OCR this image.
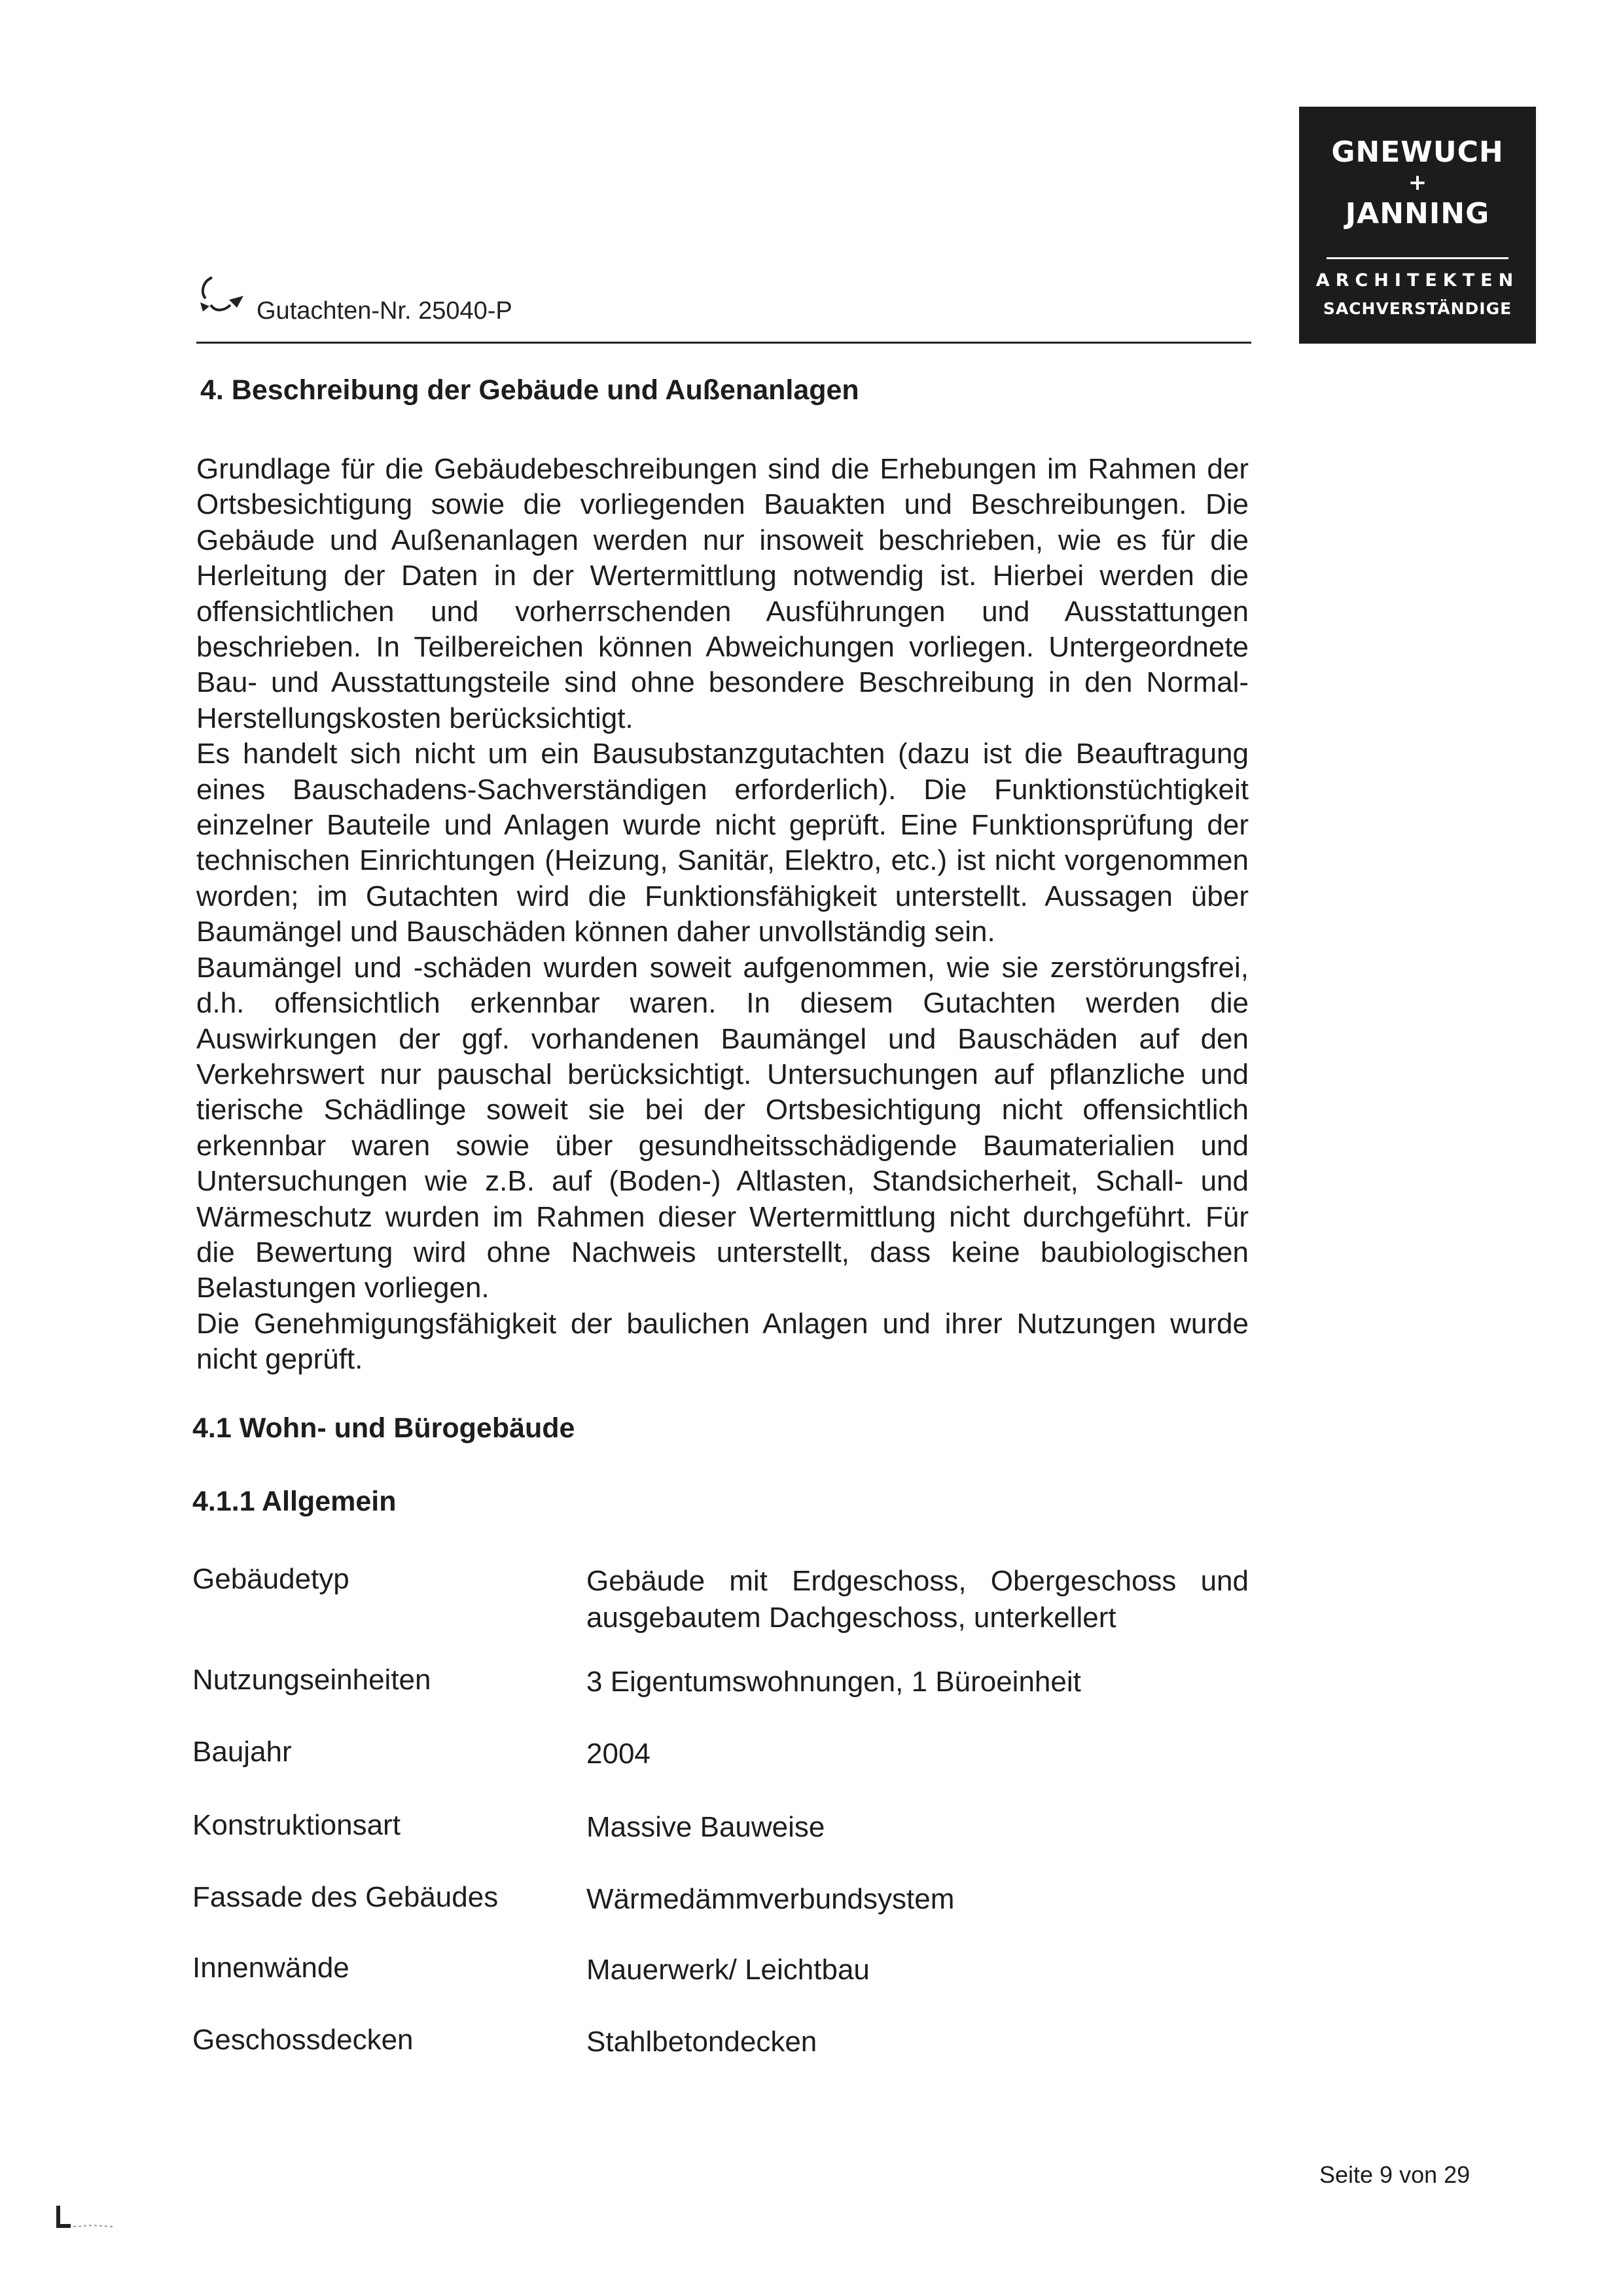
GNEWUCH
+
JANNING
ARCHITEKTEN
SACHVERSTÄNDIGE
Gutachten-Nr. 25040-P
4. Beschreibung der Gebäude und Außenanlagen

Grundlage für die Gebäudebeschreibungen sind die Erhebungen im Rahmen der Ortsbesichtigung sowie die vorliegenden Bauakten und Beschreibungen. Die Gebäude und Außenanlagen werden nur insoweit beschrieben, wie es für die Herleitung der Daten in der Wertermittlung notwendig ist. Hierbei werden die offensichtlichen und vorherrschenden Ausführungen und Ausstattungen beschrieben. In Teilbereichen können Abweichungen vorliegen. Untergeordnete Bau- und Ausstattungsteile sind ohne besondere Beschreibung in den Normal-Herstellungskosten berücksichtigt.

Es handelt sich nicht um ein Bausubstanzgutachten (dazu ist die Beauftragung eines Bauschadens-Sachverständigen erforderlich). Die Funktionstüchtigkeit einzelner Bauteile und Anlagen wurde nicht geprüft. Eine Funktionsprüfung der technischen Einrichtungen (Heizung, Sanitär, Elektro, etc.) ist nicht vorgenommen worden; im Gutachten wird die Funktionsfähigkeit unterstellt. Aussagen über Baumängel und Bauschäden können daher unvollständig sein.

Baumängel und -schäden wurden soweit aufgenommen, wie sie zerstörungsfrei, d.h. offensichtlich erkennbar waren. In diesem Gutachten werden die Auswirkungen der ggf. vorhandenen Baumängel und Bauschäden auf den Verkehrswert nur pauschal berücksichtigt. Untersuchungen auf pflanzliche und tierische Schädlinge soweit sie bei der Ortsbesichtigung nicht offensichtlich erkennbar waren sowie über gesundheitsschädigende Baumaterialien und Untersuchungen wie z.B. auf (Boden-) Altlasten, Standsicherheit, Schall- und Wärmeschutz wurden im Rahmen dieser Wertermittlung nicht durchgeführt. Für die Bewertung wird ohne Nachweis unterstellt, dass keine baubiologischen Belastungen vorliegen.

Die Genehmigungsfähigkeit der baulichen Anlagen und ihrer Nutzungen wurde nicht geprüft.

4.1 Wohn- und Bürogebäude
4.1.1 Allgemein
Gebäudetyp	Gebäude mit Erdgeschoss, Obergeschoss und ausgebautem Dachgeschoss, unterkellert
Nutzungseinheiten	3 Eigentumswohnungen, 1 Büroeinheit
Baujahr	2004
Konstruktionsart	Massive Bauweise
Fassade des Gebäudes	Wärmedämmverbundsystem
Innenwände	Mauerwerk/ Leichtbau
Geschossdecken	Stahlbetondecken
Seite 9 von 29
